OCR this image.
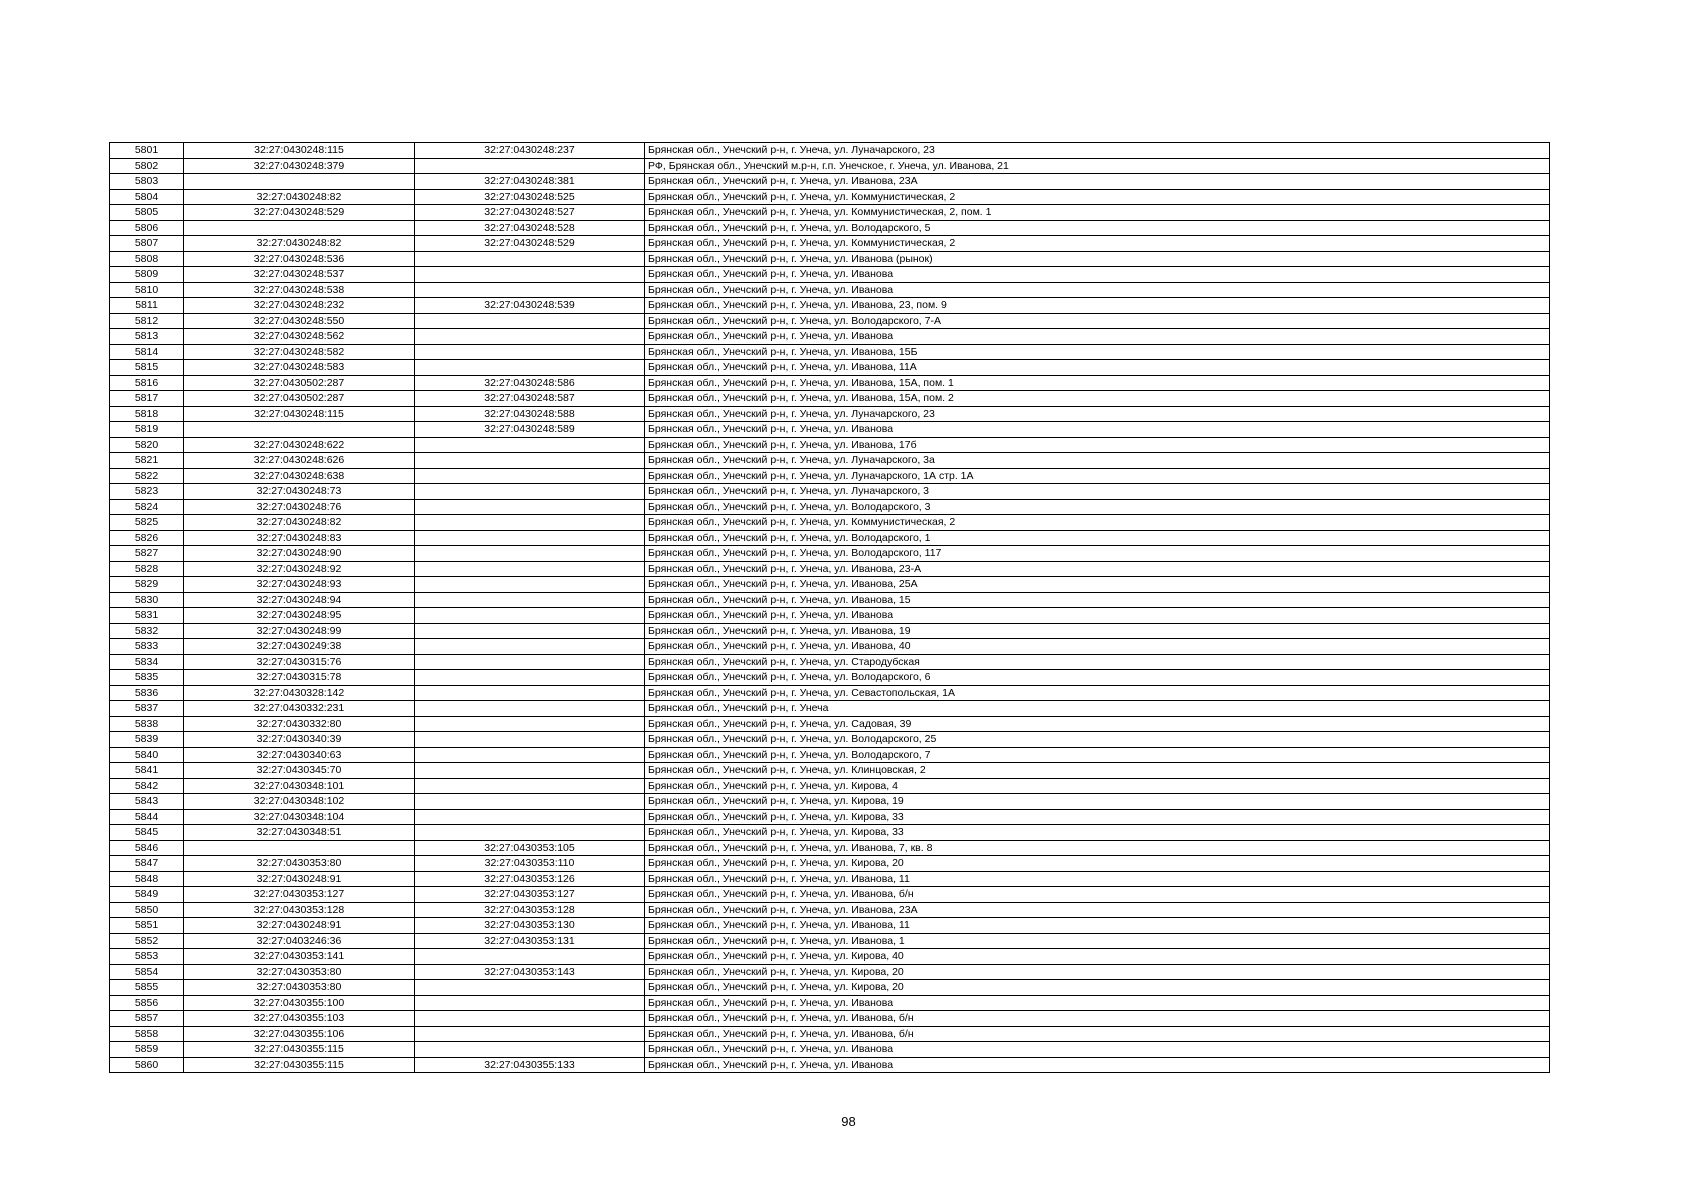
5801	32:27:0430248:115	32:27:0430248:237	Брянская обл., Унечский р-н, г. Унеча, ул. Луначарского, 23
5802	32:27:0430248:379		РФ, Брянская обл., Унечский м.р-н, г.п. Унечское, г. Унеча, ул. Иванова, 21
5803		32:27:0430248:381	Брянская обл., Унечский р-н, г. Унеча, ул. Иванова, 23А
5804	32:27:0430248:82	32:27:0430248:525	Брянская обл., Унечский р-н, г. Унеча, ул. Коммунистическая, 2
5805	32:27:0430248:529	32:27:0430248:527	Брянская обл., Унечский р-н, г. Унеча, ул. Коммунистическая, 2, пом. 1
5806		32:27:0430248:528	Брянская обл., Унечский р-н, г. Унеча, ул. Володарского, 5
5807	32:27:0430248:82	32:27:0430248:529	Брянская обл., Унечский р-н, г. Унеча, ул. Коммунистическая, 2
5808	32:27:0430248:536		Брянская обл., Унечский р-н, г. Унеча, ул. Иванова (рынок)
5809	32:27:0430248:537		Брянская обл., Унечский р-н, г. Унеча, ул. Иванова
5810	32:27:0430248:538		Брянская обл., Унечский р-н, г. Унеча, ул. Иванова
5811	32:27:0430248:232	32:27:0430248:539	Брянская обл., Унечский р-н, г. Унеча, ул. Иванова, 23, пом. 9
5812	32:27:0430248:550		Брянская обл., Унечский р-н, г. Унеча, ул. Володарского, 7-А
5813	32:27:0430248:562		Брянская обл., Унечский р-н, г. Унеча, ул. Иванова
5814	32:27:0430248:582		Брянская обл., Унечский р-н, г. Унеча, ул. Иванова, 15Б
5815	32:27:0430248:583		Брянская обл., Унечский р-н, г. Унеча, ул. Иванова, 11А
5816	32:27:0430502:287	32:27:0430248:586	Брянская обл., Унечский р-н, г. Унеча, ул. Иванова, 15А, пом. 1
5817	32:27:0430502:287	32:27:0430248:587	Брянская обл., Унечский р-н, г. Унеча, ул. Иванова, 15А, пом. 2
5818	32:27:0430248:115	32:27:0430248:588	Брянская обл., Унечский р-н, г. Унеча, ул. Луначарского, 23
5819		32:27:0430248:589	Брянская обл., Унечский р-н, г. Унеча, ул. Иванова
5820	32:27:0430248:622		Брянская обл., Унечский р-н, г. Унеча, ул. Иванова, 17б
5821	32:27:0430248:626		Брянская обл., Унечский р-н, г. Унеча, ул. Луначарского, 3а
5822	32:27:0430248:638		Брянская обл., Унечский р-н, г. Унеча, ул. Луначарского, 1А стр. 1А
5823	32:27:0430248:73		Брянская обл., Унечский р-н, г. Унеча, ул. Луначарского, 3
5824	32:27:0430248:76		Брянская обл., Унечский р-н, г. Унеча, ул. Володарского, 3
5825	32:27:0430248:82		Брянская обл., Унечский р-н, г. Унеча, ул. Коммунистическая, 2
5826	32:27:0430248:83		Брянская обл., Унечский р-н, г. Унеча, ул. Володарского, 1
5827	32:27:0430248:90		Брянская обл., Унечский р-н, г. Унеча, ул. Володарского, 117
5828	32:27:0430248:92		Брянская обл., Унечский р-н, г. Унеча, ул. Иванова, 23-А
5829	32:27:0430248:93		Брянская обл., Унечский р-н, г. Унеча, ул. Иванова, 25А
5830	32:27:0430248:94		Брянская обл., Унечский р-н, г. Унеча, ул. Иванова, 15
5831	32:27:0430248:95		Брянская обл., Унечский р-н, г. Унеча, ул. Иванова
5832	32:27:0430248:99		Брянская обл., Унечский р-н, г. Унеча, ул. Иванова, 19
5833	32:27:0430249:38		Брянская обл., Унечский р-н, г. Унеча, ул. Иванова, 40
5834	32:27:0430315:76		Брянская обл., Унечский р-н, г. Унеча, ул. Стародубская
5835	32:27:0430315:78		Брянская обл., Унечский р-н, г. Унеча, ул. Володарского, 6
5836	32:27:0430328:142		Брянская обл., Унечский р-н, г. Унеча, ул. Севастопольская, 1А
5837	32:27:0430332:231		Брянская обл., Унечский р-н, г. Унеча
5838	32:27:0430332:80		Брянская обл., Унечский р-н, г. Унеча, ул. Садовая, 39
5839	32:27:0430340:39		Брянская обл., Унечский р-н, г. Унеча, ул. Володарского, 25
5840	32:27:0430340:63		Брянская обл., Унечский р-н, г. Унеча, ул. Володарского, 7
5841	32:27:0430345:70		Брянская обл., Унечский р-н, г. Унеча, ул. Клинцовская, 2
5842	32:27:0430348:101		Брянская обл., Унечский р-н, г. Унеча, ул. Кирова, 4
5843	32:27:0430348:102		Брянская обл., Унечский р-н, г. Унеча, ул. Кирова, 19
5844	32:27:0430348:104		Брянская обл., Унечский р-н, г. Унеча, ул. Кирова, 33
5845	32:27:0430348:51		Брянская обл., Унечский р-н, г. Унеча, ул. Кирова, 33
5846		32:27:0430353:105	Брянская обл., Унечский р-н, г. Унеча, ул. Иванова, 7, кв. 8
5847	32:27:0430353:80	32:27:0430353:110	Брянская обл., Унечский р-н, г. Унеча, ул. Кирова, 20
5848	32:27:0430248:91	32:27:0430353:126	Брянская обл., Унечский р-н, г. Унеча, ул. Иванова, 11
5849	32:27:0430353:127	32:27:0430353:127	Брянская обл., Унечский р-н, г. Унеча, ул. Иванова, б/н
5850	32:27:0430353:128	32:27:0430353:128	Брянская обл., Унечский р-н, г. Унеча, ул. Иванова, 23А
5851	32:27:0430248:91	32:27:0430353:130	Брянская обл., Унечский р-н, г. Унеча, ул. Иванова, 11
5852	32:27:0403246:36	32:27:0430353:131	Брянская обл., Унечский р-н, г. Унеча, ул. Иванова, 1
5853	32:27:0430353:141		Брянская обл., Унечский р-н, г. Унеча, ул. Кирова, 40
5854	32:27:0430353:80	32:27:0430353:143	Брянская обл., Унечский р-н, г. Унеча, ул. Кирова, 20
5855	32:27:0430353:80		Брянская обл., Унечский р-н, г. Унеча, ул. Кирова, 20
5856	32:27:0430355:100		Брянская обл., Унечский р-н, г. Унеча, ул. Иванова
5857	32:27:0430355:103		Брянская обл., Унечский р-н, г. Унеча, ул. Иванова, б/н
5858	32:27:0430355:106		Брянская обл., Унечский р-н, г. Унеча, ул. Иванова, б/н
5859	32:27:0430355:115		Брянская обл., Унечский р-н, г. Унеча, ул. Иванова
5860	32:27:0430355:115	32:27:0430355:133	Брянская обл., Унечский р-н, г. Унеча, ул. Иванова
98
